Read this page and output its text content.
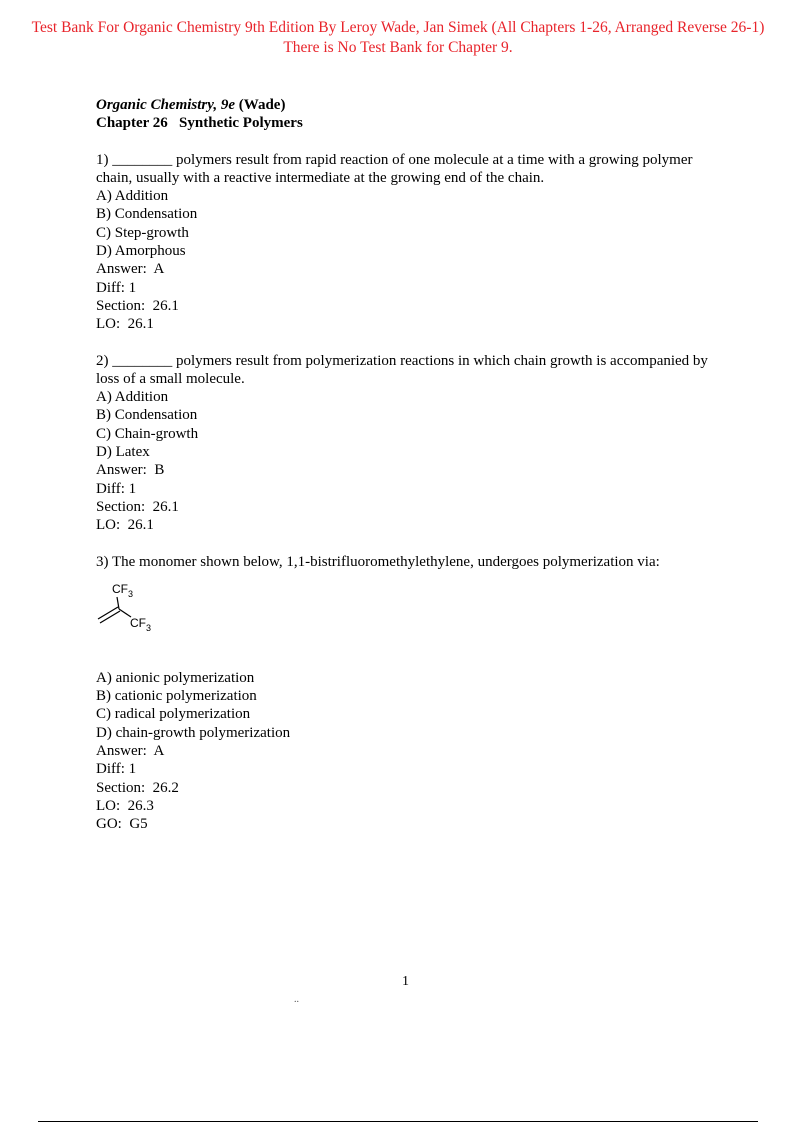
Test Bank For Organic Chemistry 9th Edition By Leroy Wade, Jan Simek (All Chapters 1-26, Arranged Reverse 26-1)
There is No Test Bank for Chapter 9.
Organic Chemistry, 9e (Wade)
Chapter 26   Synthetic Polymers
1) ________ polymers result from rapid reaction of one molecule at a time with a growing polymer chain, usually with a reactive intermediate at the growing end of the chain.
A) Addition
B) Condensation
C) Step-growth
D) Amorphous
Answer:  A
Diff: 1
Section:  26.1
LO:  26.1
2) ________ polymers result from polymerization reactions in which chain growth is accompanied by loss of a small molecule.
A) Addition
B) Condensation
C) Chain-growth
D) Latex
Answer:  B
Diff: 1
Section:  26.1
LO:  26.1
3) The monomer shown below, 1,1-bistrifluoromethylethylene, undergoes polymerization via:
$CF_3$
$CF_3$
A) anionic polymerization
B) cationic polymerization
C) radical polymerization
D) chain-growth polymerization
Answer:  A
Diff: 1
Section:  26.2
LO:  26.3
GO:  G5
1
..
